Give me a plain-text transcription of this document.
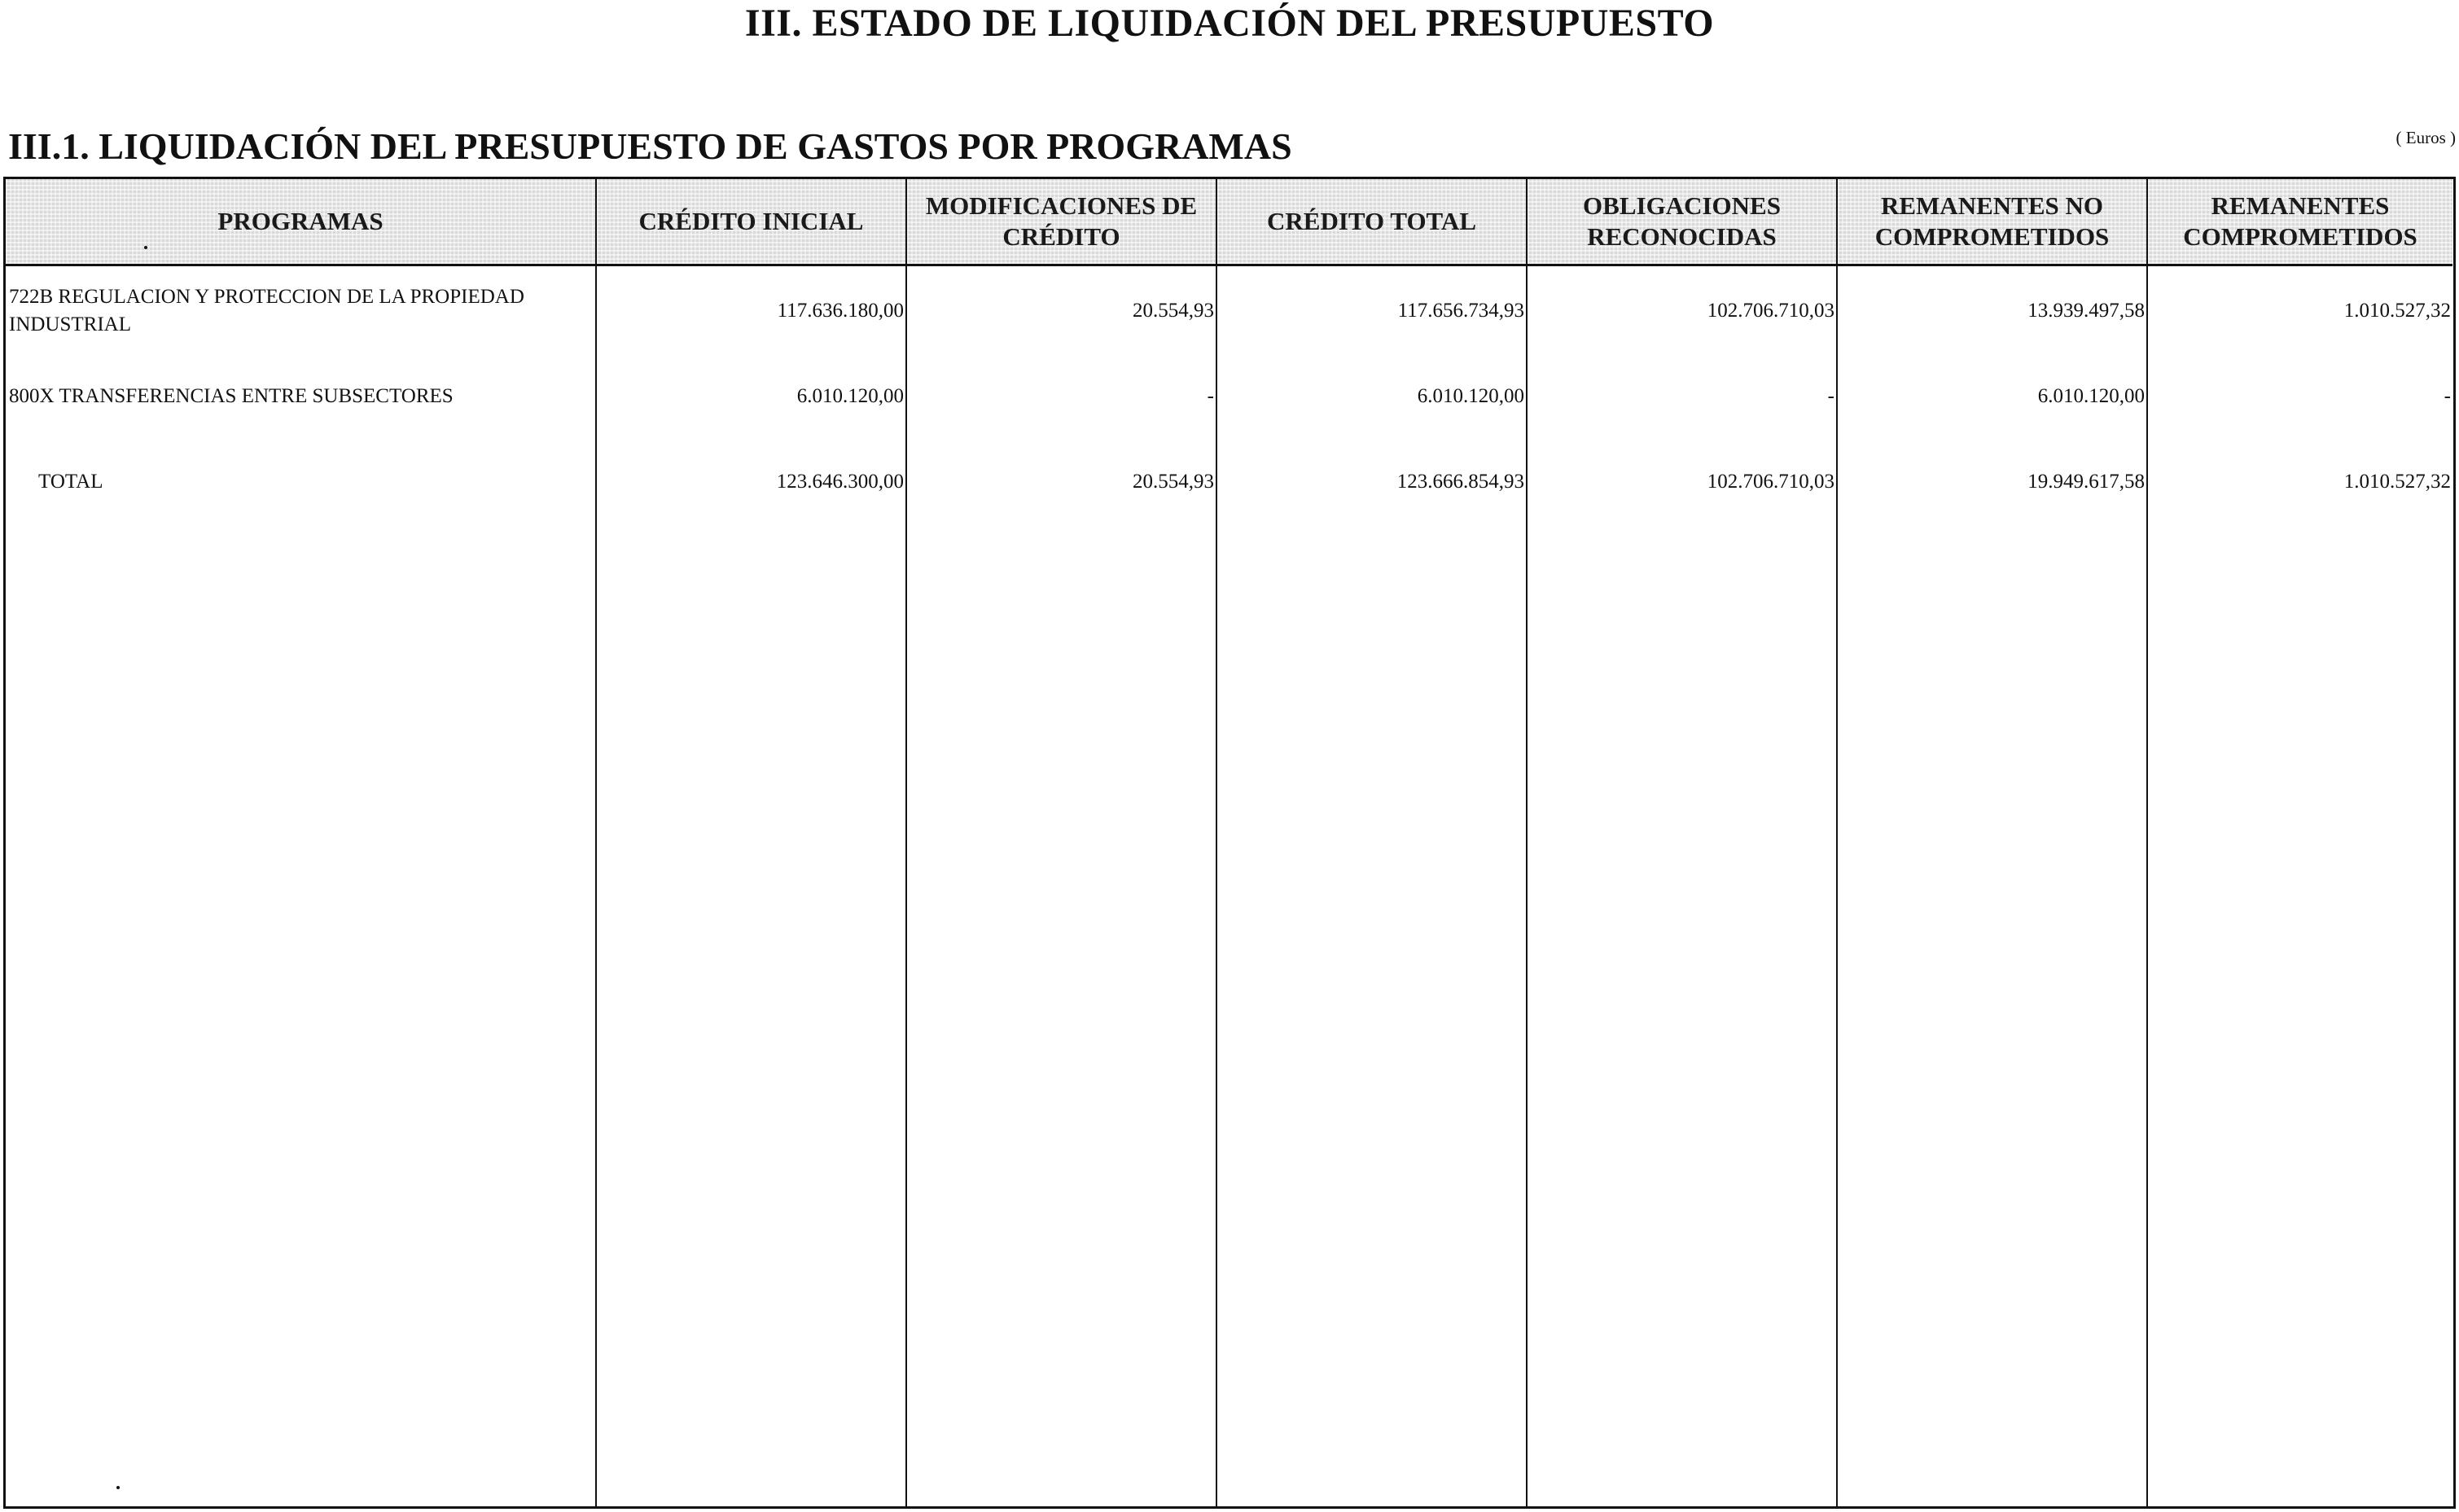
III. ESTADO DE LIQUIDACIÓN DEL PRESUPUESTO
III.1. LIQUIDACIÓN DEL PRESUPUESTO DE GASTOS POR PROGRAMAS	( Euros )
PROGRAMAS
722B REGULACION Y PROTECCION DE LA PROPIEDAD INDUSTRIAL
800X TRANSFERENCIAS ENTRE SUBSECTORES
TOTAL
CRÉDITO INICIAL
117.636.180,00
6.010.120,00
123.646.300,00
MODIFICACIONES DE CRÉDITO
20.554,93
-
20.554,93
CRÉDITO TOTAL
117.656.734,93
6.010.120,00
123.666.854,93
OBLIGACIONES RECONOCIDAS
102.706.710,03
-
102.706.710,03
REMANENTES NO COMPROMETIDOS
13.939.497,58
6.010.120,00
19.949.617,58
REMANENTES COMPROMETIDOS
1.010.527,32
-
1.010.527,32
